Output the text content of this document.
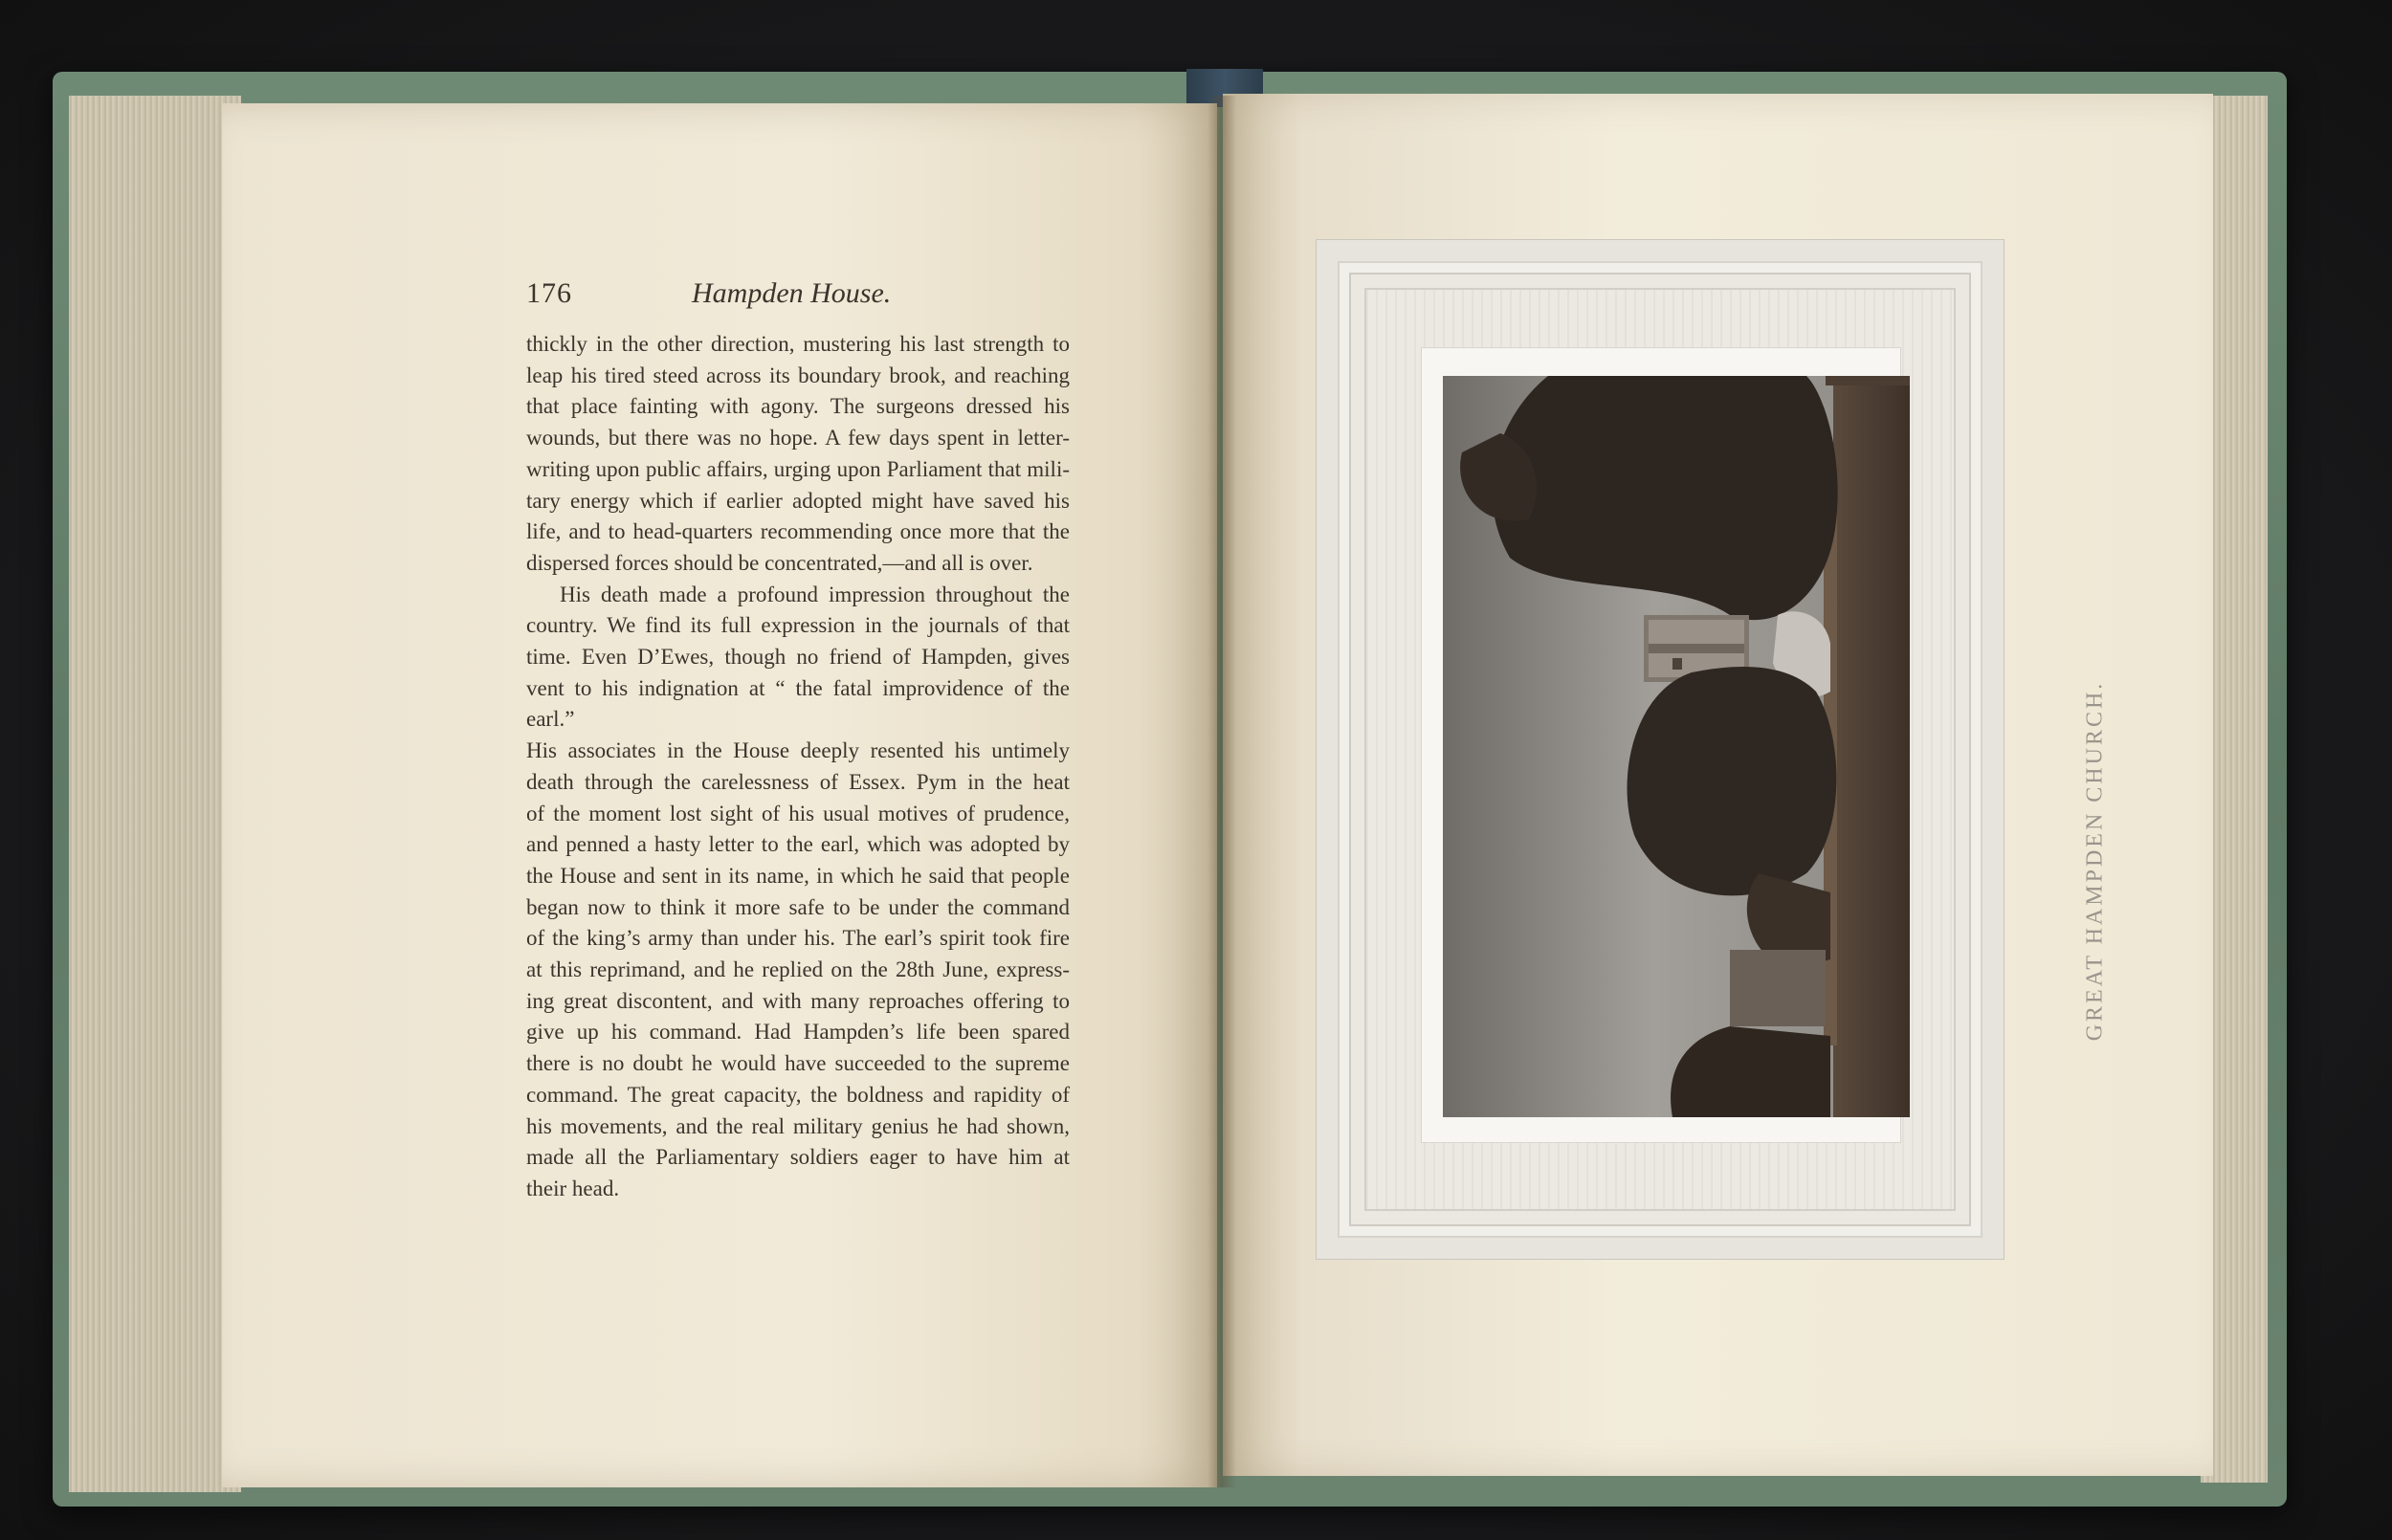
176	Hampden House.

thickly in the other direction, mustering his last strength to

leap his tired steed across its boundary brook, and reaching

that place fainting with agony. The surgeons dressed his

wounds, but there was no hope. A few days spent in letter-

writing upon public affairs, urging upon Parliament that mili-

tary energy which if earlier adopted might have saved his

life, and to head-quarters recommending once more that the

dispersed forces should be concentrated,—and all is over.

His death made a profound impression throughout the

country. We find its full expression in the journals of that

time. Even D’Ewes, though no friend of Hampden, gives

vent to his indignation at “ the fatal improvidence of the earl.”

His associates in the House deeply resented his untimely

death through the carelessness of Essex. Pym in the heat

of the moment lost sight of his usual motives of prudence,

and penned a hasty letter to the earl, which was adopted by

the House and sent in its name, in which he said that people

began now to think it more safe to be under the command

of the king’s army than under his. The earl’s spirit took fire

at this reprimand, and he replied on the 28th June, express-

ing great discontent, and with many reproaches offering to

give up his command. Had Hampden’s life been spared

there is no doubt he would have succeeded to the supreme

command. The great capacity, the boldness and rapidity of

his movements, and the real military genius he had shown,

made all the Parliamentary soldiers eager to have him at

their head.

GREAT HAMPDEN CHURCH.
